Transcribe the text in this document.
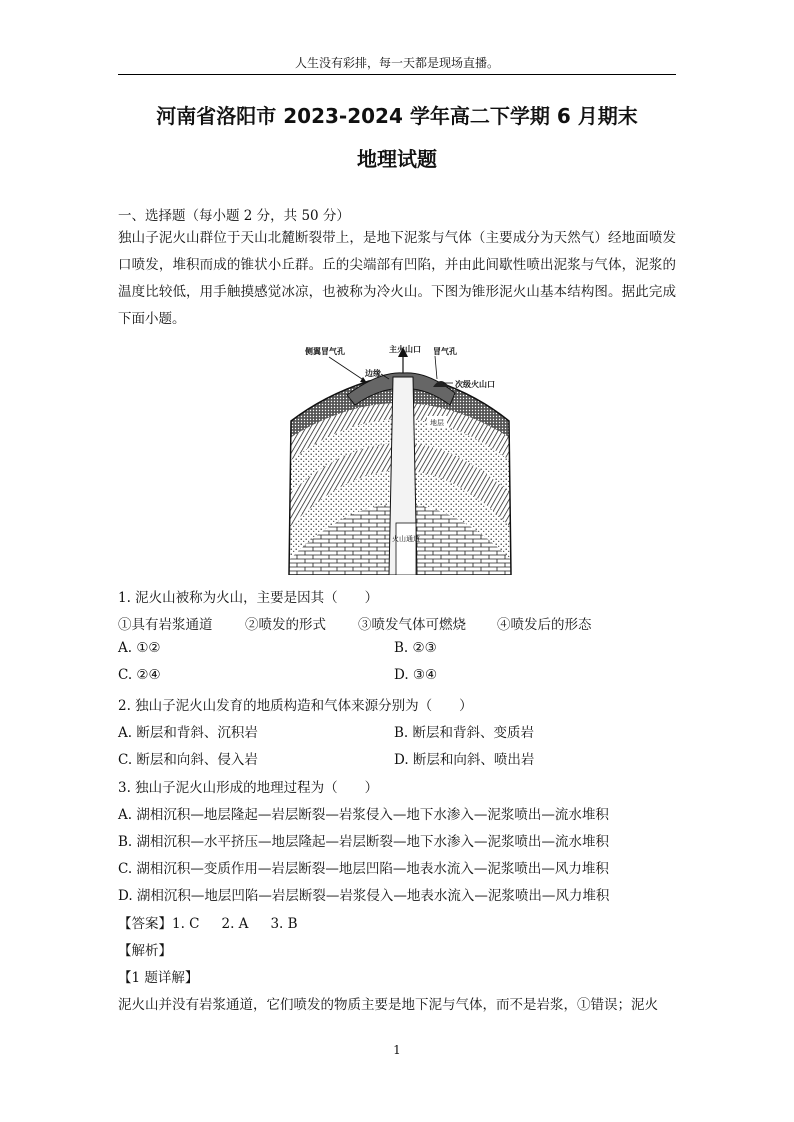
人生没有彩排，每一天都是现场直播。
河南省洛阳市 2023-2024 学年高二下学期 6 月期末
地理试题
一、选择题（每小题 2 分，共 50 分）
独山子泥火山群位于天山北麓断裂带上，是地下泥浆与气体（主要成分为天然气）经地面喷发口喷发，堆积而成的锥状小丘群。丘的尖端部有凹陷，并由此间歇性喷出泥浆与气体，泥浆的温度比较低，用手触摸感觉冰凉，也被称为冷火山。下图为锥形泥火山基本结构图。据此完成下面小题。
火山通道
侧翼冒气孔	主火山口 冒气孔
边缘
次级火山口
地层
1. 泥火山被称为火山，主要是因其（　　）
①具有岩浆通道 ②喷发的形式 ③喷发气体可燃烧 ④喷发后的形态
A. ①②	B. ②③
C. ②④	D. ③④
2. 独山子泥火山发育的地质构造和气体来源分别为（　　）
A. 断层和背斜、沉积岩	B. 断层和背斜、变质岩
C. 断层和向斜、侵入岩	D. 断层和向斜、喷出岩
3. 独山子泥火山形成的地理过程为（　　）
A. 湖相沉积—地层隆起—岩层断裂—岩浆侵入—地下水渗入—泥浆喷出—流水堆积
B. 湖相沉积—水平挤压—地层隆起—岩层断裂—地下水渗入—泥浆喷出—流水堆积
C. 湖相沉积—变质作用—岩层断裂—地层凹陷—地表水流入—泥浆喷出—风力堆积
D. 湖相沉积—地层凹陷—岩层断裂—岩浆侵入—地表水流入—泥浆喷出—风力堆积
【答案】1. C 2. A 3. B
【解析】
【1 题详解】
泥火山并没有岩浆通道，它们喷发的物质主要是地下泥与气体，而不是岩浆，①错误；泥火
1
